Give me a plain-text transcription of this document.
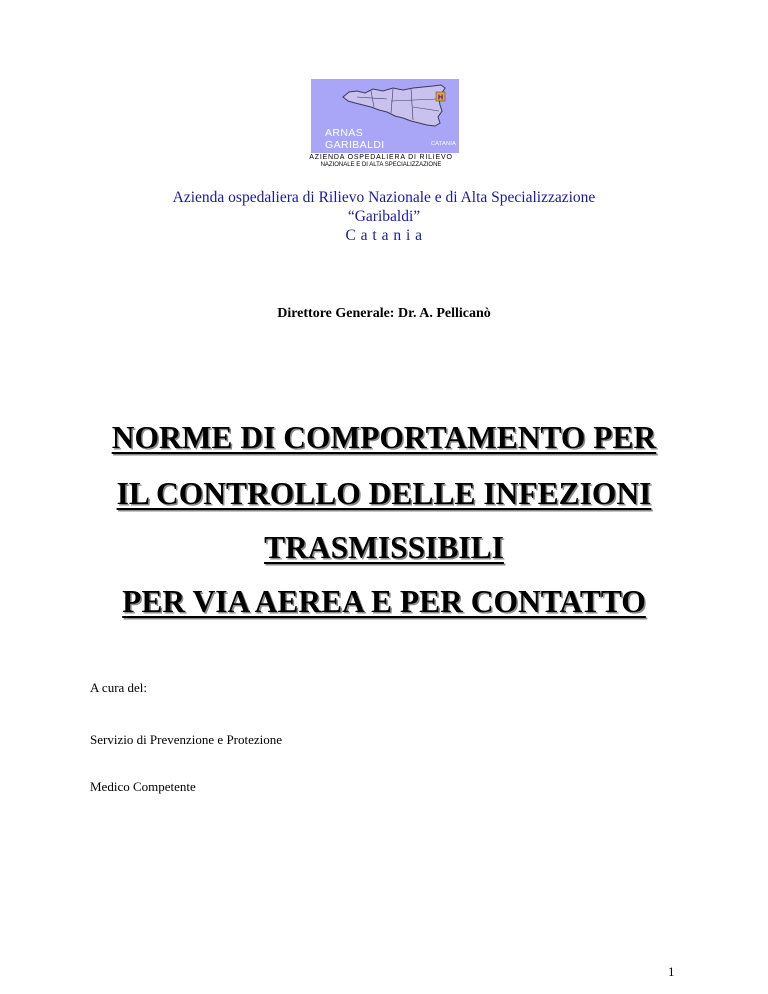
H
ARNAS
GARIBALDI	CATANIA
AZIENDA OSPEDALIERA DI RILIEVO
NAZIONALE E DI ALTA SPECIALIZZAZIONE
Azienda ospedaliera di Rilievo Nazionale e di Alta Specializzazione
“Garibaldi”
C a t a n i a
Direttore Generale: Dr. A. Pellicanò
NORME DI COMPORTAMENTO PER
IL CONTROLLO DELLE INFEZIONI
TRASMISSIBILI
PER VIA AEREA E PER CONTATTO
A cura del:
Servizio di Prevenzione e Protezione
Medico Competente
1
